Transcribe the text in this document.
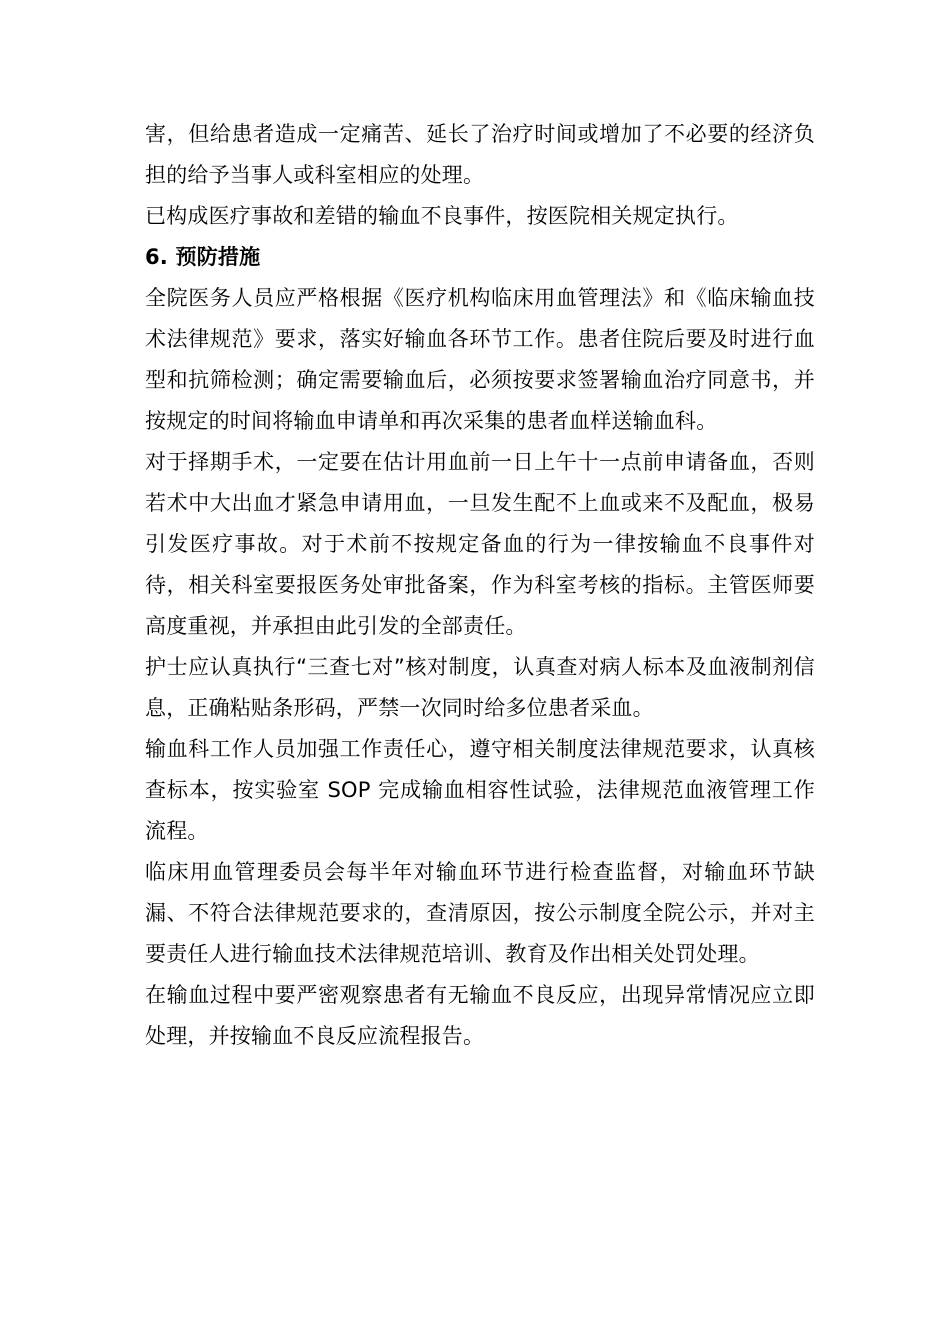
害，但给患者造成一定痛苦、延长了治疗时间或增加了不必要的经济负担的给予当事人或科室相应的处理。

已构成医疗事故和差错的输血不良事件，按医院相关规定执行。

6. 预防措施

全院医务人员应严格根据《医疗机构临床用血管理法》和《临床输血技术法律规范》要求，落实好输血各环节工作。患者住院后要及时进行血型和抗筛检测；确定需要输血后，必须按要求签署输血治疗同意书，并按规定的时间将输血申请单和再次采集的患者血样送输血科。

对于择期手术，一定要在估计用血前一日上午十一点前申请备血，否则若术中大出血才紧急申请用血，一旦发生配不上血或来不及配血，极易引发医疗事故。对于术前不按规定备血的行为一律按输血不良事件对待，相关科室要报医务处审批备案，作为科室考核的指标。主管医师要高度重视，并承担由此引发的全部责任。

护士应认真执行“三查七对”核对制度，认真查对病人标本及血液制剂信息，正确粘贴条形码，严禁一次同时给多位患者采血。

输血科工作人员加强工作责任心，遵守相关制度法律规范要求，认真核查标本，按实验室 SOP 完成输血相容性试验，法律规范血液管理工作流程。

临床用血管理委员会每半年对输血环节进行检查监督，对输血环节缺漏、不符合法律规范要求的，查清原因，按公示制度全院公示，并对主要责任人进行输血技术法律规范培训、教育及作出相关处罚处理。

在输血过程中要严密观察患者有无输血不良反应，出现异常情况应立即处理，并按输血不良反应流程报告。
